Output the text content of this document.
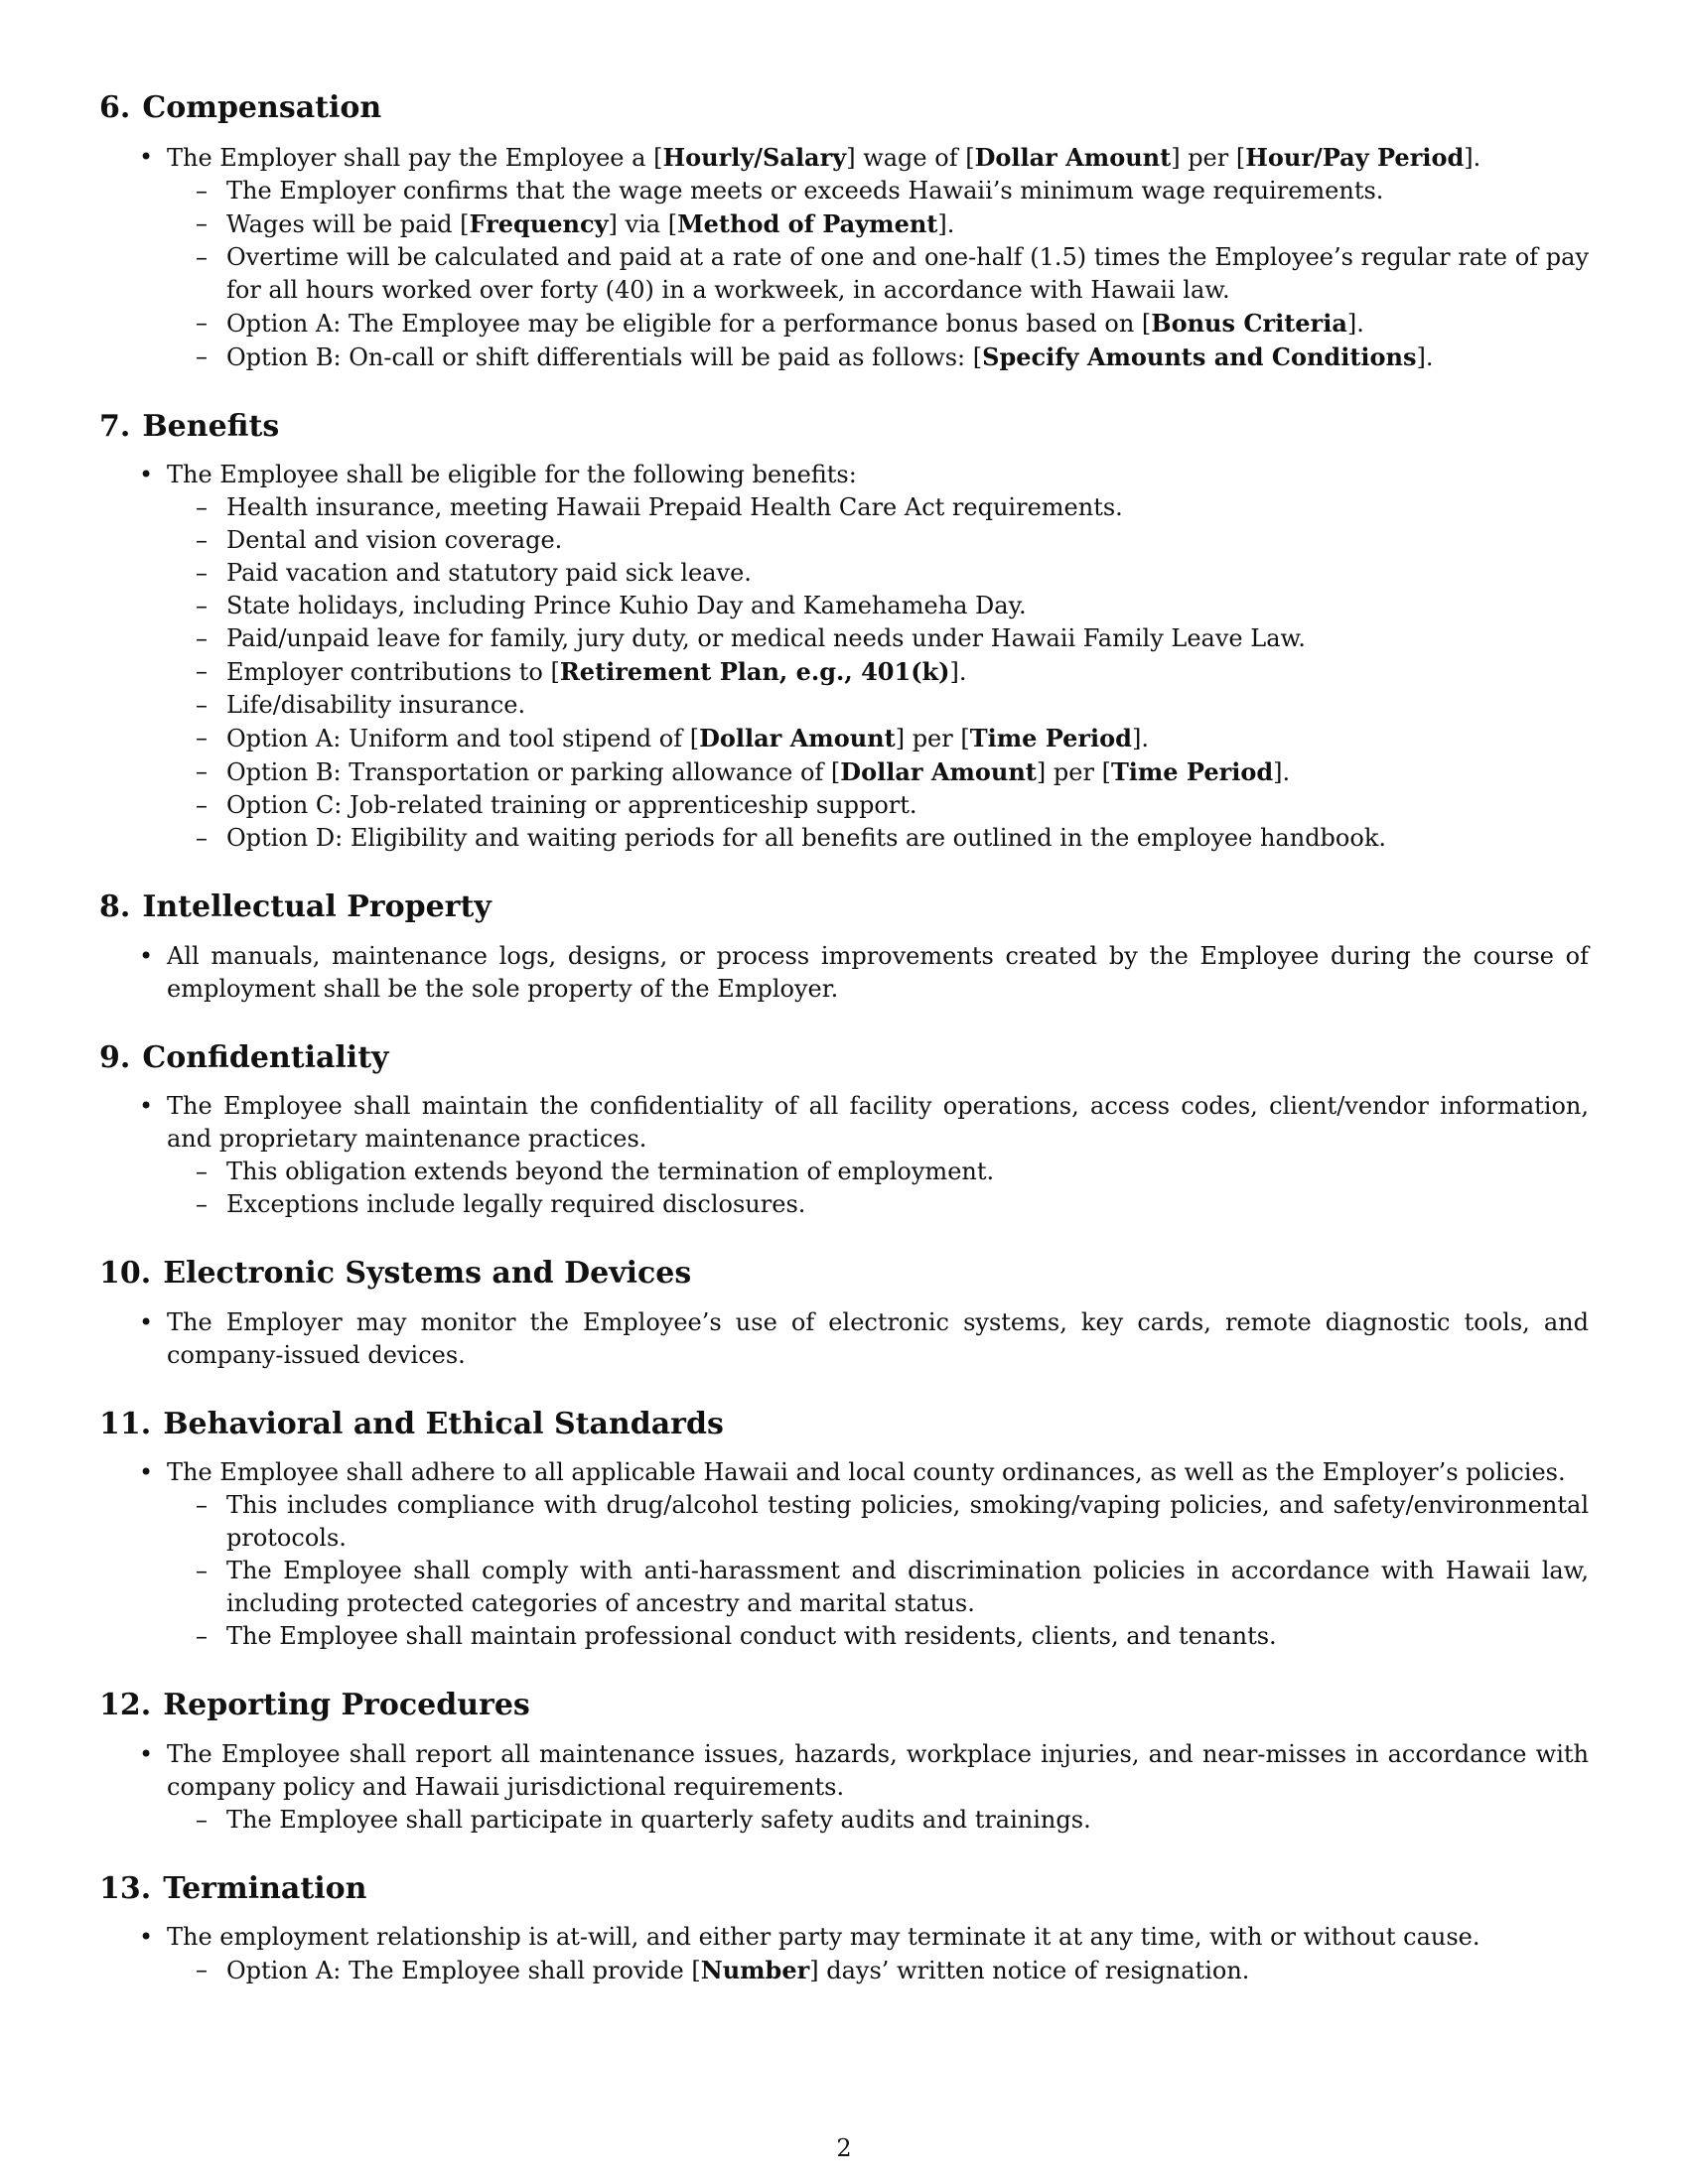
6. Compensation
• The Employer shall pay the Employee a [Hourly/Salary] wage of [Dollar Amount] per [Hour/Pay Period].
– The Employer confirms that the wage meets or exceeds Hawaii’s minimum wage requirements.
– Wages will be paid [Frequency] via [Method of Payment].
– Overtime will be calculated and paid at a rate of one and one-half (1.5) times the Employee’s regular rate of pay for all hours worked over forty (40) in a workweek, in accordance with Hawaii law.
– Option A: The Employee may be eligible for a performance bonus based on [Bonus Criteria].
– Option B: On-call or shift differentials will be paid as follows: [Specify Amounts and Conditions].
7. Benefits
• The Employee shall be eligible for the following benefits:
– Health insurance, meeting Hawaii Prepaid Health Care Act requirements.
– Dental and vision coverage.
– Paid vacation and statutory paid sick leave.
– State holidays, including Prince Kuhio Day and Kamehameha Day.
– Paid/unpaid leave for family, jury duty, or medical needs under Hawaii Family Leave Law.
– Employer contributions to [Retirement Plan, e.g., 401(k)].
– Life/disability insurance.
– Option A: Uniform and tool stipend of [Dollar Amount] per [Time Period].
– Option B: Transportation or parking allowance of [Dollar Amount] per [Time Period].
– Option C: Job-related training or apprenticeship support.
– Option D: Eligibility and waiting periods for all benefits are outlined in the employee handbook.
8. Intellectual Property
• All manuals, maintenance logs, designs, or process improvements created by the Employee during the course of employment shall be the sole property of the Employer.
9. Confidentiality
• The Employee shall maintain the confidentiality of all facility operations, access codes, client/vendor information, and proprietary maintenance practices.
– This obligation extends beyond the termination of employment.
– Exceptions include legally required disclosures.
10. Electronic Systems and Devices
• The Employer may monitor the Employee’s use of electronic systems, key cards, remote diagnostic tools, and company-issued devices.
11. Behavioral and Ethical Standards
• The Employee shall adhere to all applicable Hawaii and local county ordinances, as well as the Employer’s policies.
– This includes compliance with drug/alcohol testing policies, smoking/vaping policies, and safety/environmental protocols.
– The Employee shall comply with anti-harassment and discrimination policies in accordance with Hawaii law, including protected categories of ancestry and marital status.
– The Employee shall maintain professional conduct with residents, clients, and tenants.
12. Reporting Procedures
• The Employee shall report all maintenance issues, hazards, workplace injuries, and near-misses in accordance with company policy and Hawaii jurisdictional requirements.
– The Employee shall participate in quarterly safety audits and trainings.
13. Termination
• The employment relationship is at-will, and either party may terminate it at any time, with or without cause.
– Option A: The Employee shall provide [Number] days’ written notice of resignation.
2
